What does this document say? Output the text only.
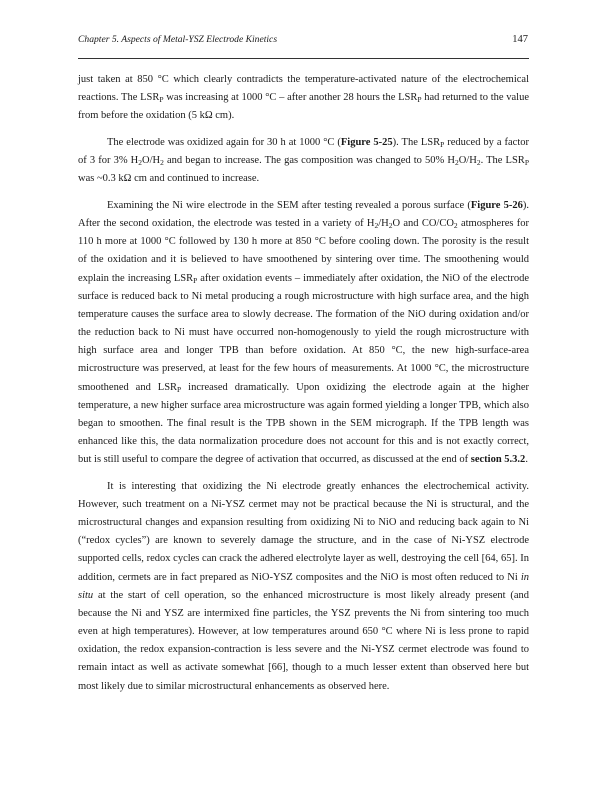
Chapter 5. Aspects of Metal-YSZ Electrode Kinetics	147

just taken at 850 °C which clearly contradicts the temperature-activated nature of the electrochemical reactions. The $LSR_P$ was increasing at 1000 °C – after another 28 hours the $LSR_P$ had returned to the value from before the oxidation (5 kΩ cm).

The electrode was oxidized again for 30 h at 1000 °C (Figure 5-25). The $LSR_P$ reduced by a factor of 3 for 3% $H_2O/H_2$ and began to increase. The gas composition was changed to 50% $H_2O/H_2$. The $LSR_P$ was ~0.3 kΩ cm and continued to increase.

Examining the Ni wire electrode in the SEM after testing revealed a porous surface (Figure 5-26). After the second oxidation, the electrode was tested in a variety of $H_2/H_2O$ and $CO/CO_2$ atmospheres for 110 h more at 1000 °C followed by 130 h more at 850 °C before cooling down. The porosity is the result of the oxidation and it is believed to have smoothened by sintering over time. The smoothening would explain the increasing $LSR_P$ after oxidation events – immediately after oxidation, the NiO of the electrode surface is reduced back to Ni metal producing a rough microstructure with high surface area, and the high temperature causes the surface area to slowly decrease. The formation of the NiO during oxidation and/or the reduction back to Ni must have occurred non-homogenously to yield the rough microstructure with high surface area and longer TPB than before oxidation. At 850 °C, the new high-surface-area microstructure was preserved, at least for the few hours of measurements. At 1000 °C, the microstructure smoothened and $LSR_P$ increased dramatically. Upon oxidizing the electrode again at the higher temperature, a new higher surface area microstructure was again formed yielding a longer TPB, which also began to smoothen. The final result is the TPB shown in the SEM micrograph. If the TPB length was enhanced like this, the data normalization procedure does not account for this and is not exactly correct, but is still useful to compare the degree of activation that occurred, as discussed at the end of section 5.3.2.

It is interesting that oxidizing the Ni electrode greatly enhances the electrochemical activity. However, such treatment on a Ni-YSZ cermet may not be practical because the Ni is structural, and the microstructural changes and expansion resulting from oxidizing Ni to NiO and reducing back again to Ni (“redox cycles”) are known to severely damage the structure, and in the case of Ni-YSZ electrode supported cells, redox cycles can crack the adhered electrolyte layer as well, destroying the cell [64, 65]. In addition, cermets are in fact prepared as NiO-YSZ composites and the NiO is most often reduced to Ni in situ at the start of cell operation, so the enhanced microstructure is most likely already present (and because the Ni and YSZ are intermixed fine particles, the YSZ prevents the Ni from sintering too much even at high temperatures). However, at low temperatures around 650 °C where Ni is less prone to rapid oxidation, the redox expansion-contraction is less severe and the Ni-YSZ cermet electrode was found to remain intact as well as activate somewhat [66], though to a much lesser extent than observed here but most likely due to similar microstructural enhancements as observed here.
